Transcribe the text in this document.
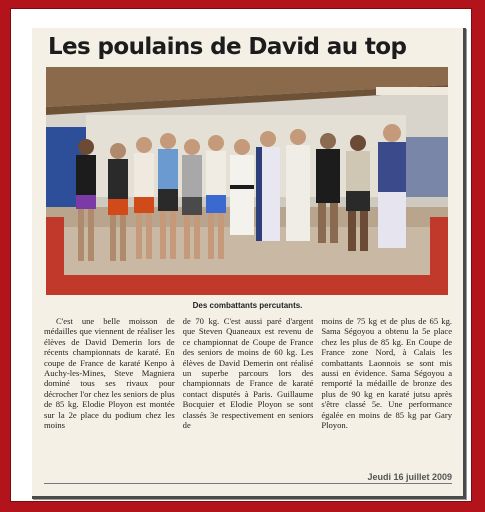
Les poulains de David au top
Des combattants percutants.

C'est une belle moisson de médailles que viennent de réaliser les élèves de David Demerin lors de récents championnats de karaté. En coupe de France de karaté Kenpo à Auchy-les-Mines, Steve Magniera dominé tous ses rivaux pour décrocher l'or chez les seniors de plus de 85 kg. Elodie Ployon est montée sur la 2e place du podium chez les moins

de 70 kg. C'est aussi paré d'argent que Steven Quaneaux est revenu de ce championnat de Coupe de France des seniors de moins de 60 kg. Les élèves de David Demerin ont réalisé un superbe parcours lors des championnats de France de karaté contact disputés à Paris. Guillaume Bocquier et Elodie Ployon se sont classés 3e respectivement en seniors de

moins de 75 kg et de plus de 65 kg. Sama Ségoyou a obtenu la 5e place chez les plus de 85 kg. En Coupe de France zone Nord, à Calais les combattants Laonnois se sont mis aussi en évidence. Sama Ségoyou a remporté la médaille de bronze des plus de 90 kg en karaté jutsu après s'être classé 5e. Une performance égalée en moins de 85 kg par Gary Ployon.

Jeudi 16 juillet 2009
